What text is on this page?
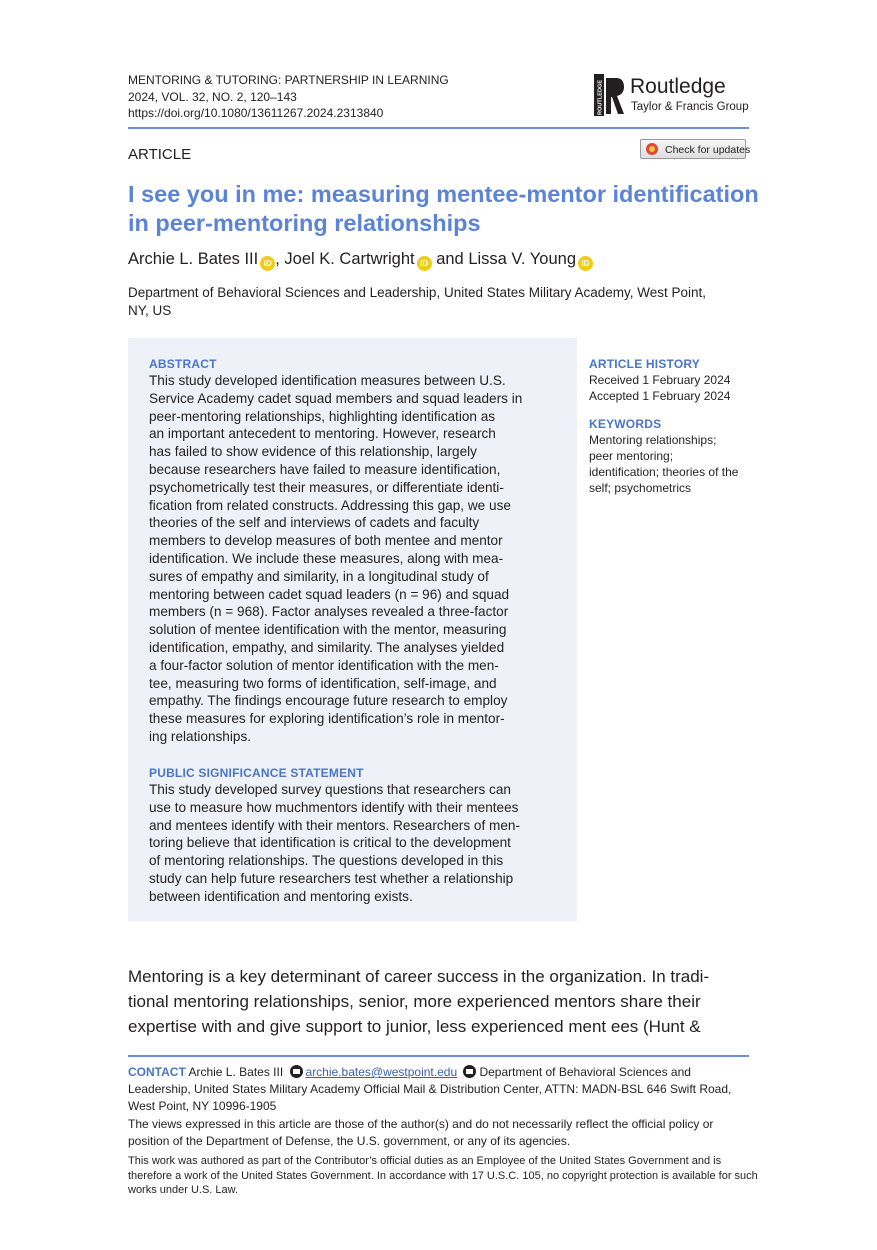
MENTORING & TUTORING: PARTNERSHIP IN LEARNING
2024, VOL. 32, NO. 2, 120–143
https://doi.org/10.1080/13611267.2024.2313840	ROUTLEDGE Routledge
Taylor & Francis Group
ARTICLE	Check for updates
I see you in me: measuring mentee-mentor identification
in peer-mentoring relationships
Archie L. Bates III iD , Joel K. Cartwright iD and Lissa V. Young iD
Department of Behavioral Sciences and Leadership, United States Military Academy, West Point,
NY, US
ABSTRACT
This study developed identification measures between U.S.
Service Academy cadet squad members and squad leaders in
peer-mentoring relationships, highlighting identification as
an important antecedent to mentoring. However, research
has failed to show evidence of this relationship, largely
because researchers have failed to measure identification,
psychometrically test their measures, or differentiate identi-
fication from related constructs. Addressing this gap, we use
theories of the self and interviews of cadets and faculty
members to develop measures of both mentee and mentor
identification. We include these measures, along with mea-
sures of empathy and similarity, in a longitudinal study of
mentoring between cadet squad leaders (n = 96) and squad
members (n = 968). Factor analyses revealed a three-factor
solution of mentee identification with the mentor, measuring
identification, empathy, and similarity. The analyses yielded
a four-factor solution of mentor identification with the men-
tee, measuring two forms of identification, self-image, and
empathy. The findings encourage future research to employ
these measures for exploring identification’s role in mentor-
ing relationships.
PUBLIC SIGNIFICANCE STATEMENT
This study developed survey questions that researchers can
use to measure how muchmentors identify with their mentees
and mentees identify with their mentors. Researchers of men-
toring believe that identification is critical to the development
of mentoring relationships. The questions developed in this
study can help future researchers test whether a relationship
between identification and mentoring exists.
ARTICLE HISTORY
Received 1 February 2024
Accepted 1 February 2024
KEYWORDS
Mentoring relationships;
peer mentoring;
identification; theories of the
self; psychometrics
Mentoring is a key determinant of career success in the organization. In tradi-
tional mentoring relationships, senior, more experienced mentors share their
expertise with and give support to junior, less experienced ment ees (Hunt &
CONTACT Archie L. Bates III archie.bates@westpoint.edu Department of Behavioral Sciences and
Leadership, United States Military Academy Official Mail & Distribution Center, ATTN: MADN-BSL 646 Swift Road,
West Point, NY 10996-1905
The views expressed in this article are those of the author(s) and do not necessarily reflect the official policy or
position of the Department of Defense, the U.S. government, or any of its agencies.
This work was authored as part of the Contributor’s official duties as an Employee of the United States Government and is
therefore a work of the United States Government. In accordance with 17 U.S.C. 105, no copyright protection is available for such
works under U.S. Law.
